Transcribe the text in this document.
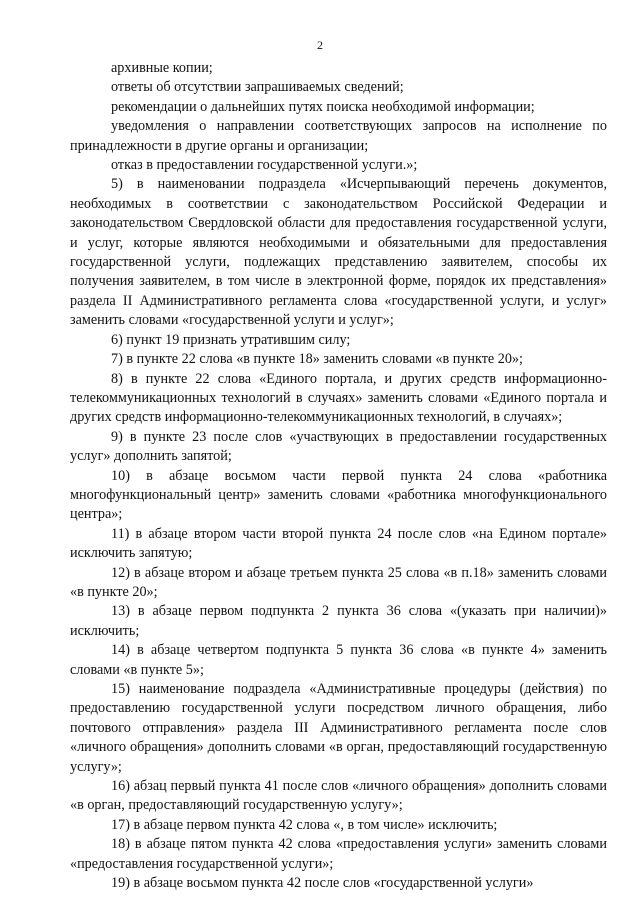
2

архивные копии;

ответы об отсутствии запрашиваемых сведений;

рекомендации о дальнейших путях поиска необходимой информации;

уведомления о направлении соответствующих запросов на исполнение по принадлежности в другие органы и организации;

отказ в предоставлении государственной услуги.»;

5) в наименовании подраздела «Исчерпывающий перечень документов, необходимых в соответствии с законодательством Российской Федерации и законодательством Свердловской области для предоставления государственной услуги, и услуг, которые являются необходимыми и обязательными для предоставления государственной услуги, подлежащих представлению заявителем, способы их получения заявителем, в том числе в электронной форме, порядок их представления» раздела II Административного регламента слова «государственной услуги, и услуг» заменить словами «государственной услуги и услуг»;

6) пункт 19 признать утратившим силу;

7) в пункте 22 слова «в пункте 18» заменить словами «в пункте 20»;

8) в пункте 22 слова «Единого портала, и других средств информационно-телекоммуникационных технологий в случаях» заменить словами «Единого портала и других средств информационно-телекоммуникационных технологий, в случаях»;

9) в пункте 23 после слов «участвующих в предоставлении государственных услуг» дополнить запятой;

10) в абзаце восьмом части первой пункта 24 слова «работника многофункциональный центр» заменить словами «работника многофункционального центра»;

11) в абзаце втором части второй пункта 24 после слов «на Едином портале» исключить запятую;

12) в абзаце втором и абзаце третьем пункта 25 слова «в п.18» заменить словами «в пункте 20»;

13) в абзаце первом подпункта 2 пункта 36 слова «(указать при наличии)» исключить;

14) в абзаце четвертом подпункта 5 пункта 36 слова «в пункте 4» заменить словами «в пункте 5»;

15) наименование подраздела «Административные процедуры (действия) по предоставлению государственной услуги посредством личного обращения, либо почтового отправления» раздела III Административного регламента после слов «личного обращения» дополнить словами «в орган, предоставляющий государственную услугу»;

16) абзац первый пункта 41 после слов «личного обращения» дополнить словами «в орган, предоставляющий государственную услугу»;

17) в абзаце первом пункта 42 слова «, в том числе» исключить;

18) в абзаце пятом пункта 42 слова «предоставления услуги» заменить словами «предоставления государственной услуги»;

19) в абзаце восьмом пункта 42 после слов «государственной услуги»
